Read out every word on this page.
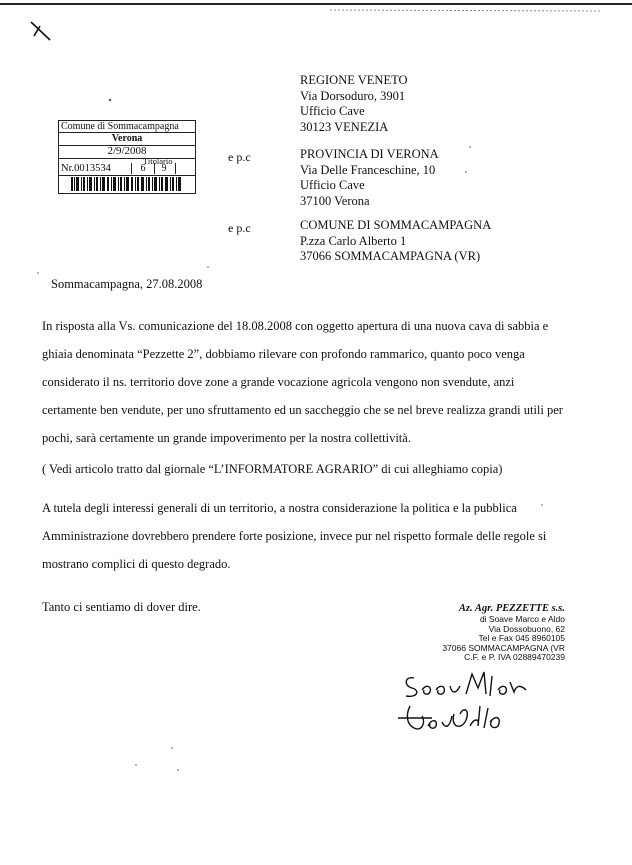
REGIONE VENETO
Via Dorsoduro, 3901
Ufficio Cave
30123 VENEZIA
e p.c	PROVINCIA DI VERONA
Via Delle Franceschine, 10
Ufficio Cave
37100 Verona
e p.c	COMUNE DI SOMMACAMPAGNA
P.zza Carlo Alberto 1
37066 SOMMACAMPAGNA (VR)
Comune di Sommacampagna
Verona
2/9/2008
Titolario
Nr.0013534	6	9
Sommacampagna, 27.08.2008

In risposta alla Vs. comunicazione del 18.08.2008 con oggetto apertura di una nuova cava di sabbia e

ghiaia denominata “Pezzette 2”, dobbiamo rilevare con profondo rammarico, quanto poco venga

considerato il ns. territorio dove zone a grande vocazione agricola vengono non svendute, anzi

certamente ben vendute, per uno sfruttamento ed un saccheggio che se nel breve realizza grandi utili per

pochi, sarà certamente un grande impoverimento per la nostra collettività.

( Vedi articolo tratto dal giornale “L’INFORMATORE AGRARIO” di cui alleghiamo copia)

A tutela degli interessi generali di un territorio, a nostra considerazione la politica e la pubblica

Amministrazione dovrebbero prendere forte posizione, invece pur nel rispetto formale delle regole si

mostrano complici di questo degrado.

Tanto ci sentiamo di dover dire.	Az. Agr. PEZZETTE s.s.
di Soave Marco e Aldo
Via Dossobuono, 62
Tel e Fax 045 8960105
37066 SOMMACAMPAGNA (VR
C.F. e P. IVA 02889470239
